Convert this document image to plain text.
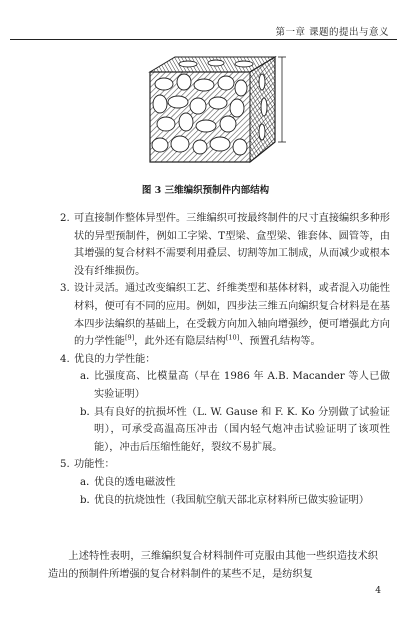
第一章 课题的提出与意义
图 3 三维编织预制件内部结构
2. 可直接制作整体异型件。三维编织可按最终制件的尺寸直接编织多种形状的异型预制件，例如工字梁、T型梁、盒型梁、锥套体、圆管等，由其增强的复合材料不需要利用叠层、切割等加工制成，从而减少或根本没有纤维损伤。
3. 设计灵活。通过改变编织工艺、纤维类型和基体材料，或者混入功能性材料，便可有不同的应用。例如，四步法三维五向编织复合材料是在基本四步法编织的基础上，在受载方向加入轴向增强纱，便可增强此方向的力学性能[9]，此外还有隐层结构[10]、预置孔结构等。
4. 优良的力学性能：
a．
比强度高、比模量高（早在 1986 年 A.B. Macander 等人已做实验证明）
b．
具有良好的抗损坏性（L. W. Gause 和 F. K. Ko 分别做了试验证明），可承受高温高压冲击（国内轻气炮冲击试验证明了该项性能），冲击后压缩性能好，裂纹不易扩展。
5. 功能性：
a．
优良的透电磁波性
b．
优良的抗烧蚀性（我国航空航天部北京材料所已做实验证明）
上述特性表明，三维编织复合材料制件可克服由其他一些织造技术织造出的预制件所增强的复合材料制件的某些不足，是纺织复
4
